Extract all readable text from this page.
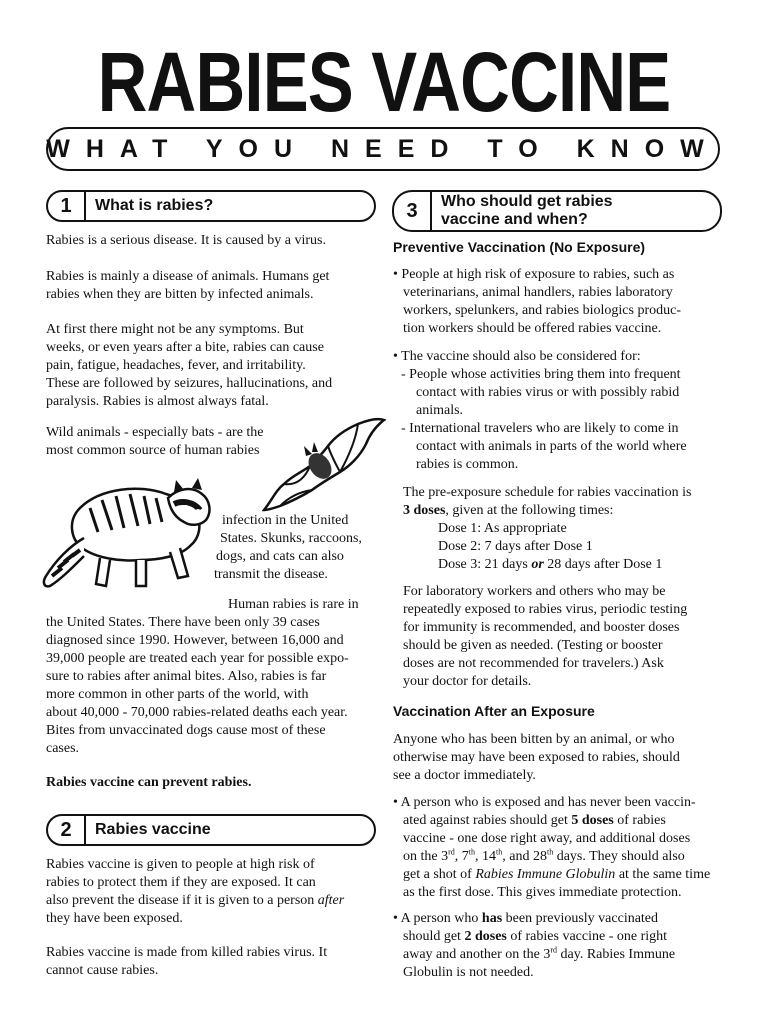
RABIES VACCINE
WHAT YOU NEED TO KNOW
1	What is rabies?
Rabies is a serious disease. It is caused by a virus.
Rabies is mainly a disease of animals. Humans get
rabies when they are bitten by infected animals.
At first there might not be any symptoms. But
weeks, or even years after a bite, rabies can cause
pain, fatigue, headaches, fever, and irritability.
These are followed by seizures, hallucinations, and
paralysis. Rabies is almost always fatal.
Wild animals - especially bats - are the
most common source of human rabies
infection in the United
States. Skunks, raccoons,
dogs, and cats can also
transmit the disease.
Human rabies is rare in
the United States. There have been only 39 cases
diagnosed since 1990. However, between 16,000 and
39,000 people are treated each year for possible expo-
sure to rabies after animal bites. Also, rabies is far
more common in other parts of the world, with
about 40,000 - 70,000 rabies-related deaths each year.
Bites from unvaccinated dogs cause most of these
cases.
Rabies vaccine can prevent rabies.
2	Rabies vaccine
Rabies vaccine is given to people at high risk of
rabies to protect them if they are exposed. It can
also prevent the disease if it is given to a person after
they have been exposed.
Rabies vaccine is made from killed rabies virus. It
cannot cause rabies.
3	Who should get rabies
vaccine and when?
Preventive Vaccination (No Exposure)
• People at high risk of exposure to rabies, such as
veterinarians, animal handlers, rabies laboratory
workers, spelunkers, and rabies biologics produc-
tion workers should be offered rabies vaccine.
• The vaccine should also be considered for:
- People whose activities bring them into frequent
contact with rabies virus or with possibly rabid
animals.
- International travelers who are likely to come in
contact with animals in parts of the world where
rabies is common.
The pre-exposure schedule for rabies vaccination is
3 doses, given at the following times:
Dose 1: As appropriate
Dose 2: 7 days after Dose 1
Dose 3: 21 days or 28 days after Dose 1
For laboratory workers and others who may be
repeatedly exposed to rabies virus, periodic testing
for immunity is recommended, and booster doses
should be given as needed. (Testing or booster
doses are not recommended for travelers.) Ask
your doctor for details.
Vaccination After an Exposure
Anyone who has been bitten by an animal, or who
otherwise may have been exposed to rabies, should
see a doctor immediately.
• A person who is exposed and has never been vaccin-
ated against rabies should get 5 doses of rabies
vaccine - one dose right away, and additional doses
on the 3rd, 7th, 14th, and 28th days. They should also
get a shot of Rabies Immune Globulin at the same time
as the first dose. This gives immediate protection.
• A person who has been previously vaccinated
should get 2 doses of rabies vaccine - one right
away and another on the 3rd day. Rabies Immune
Globulin is not needed.
